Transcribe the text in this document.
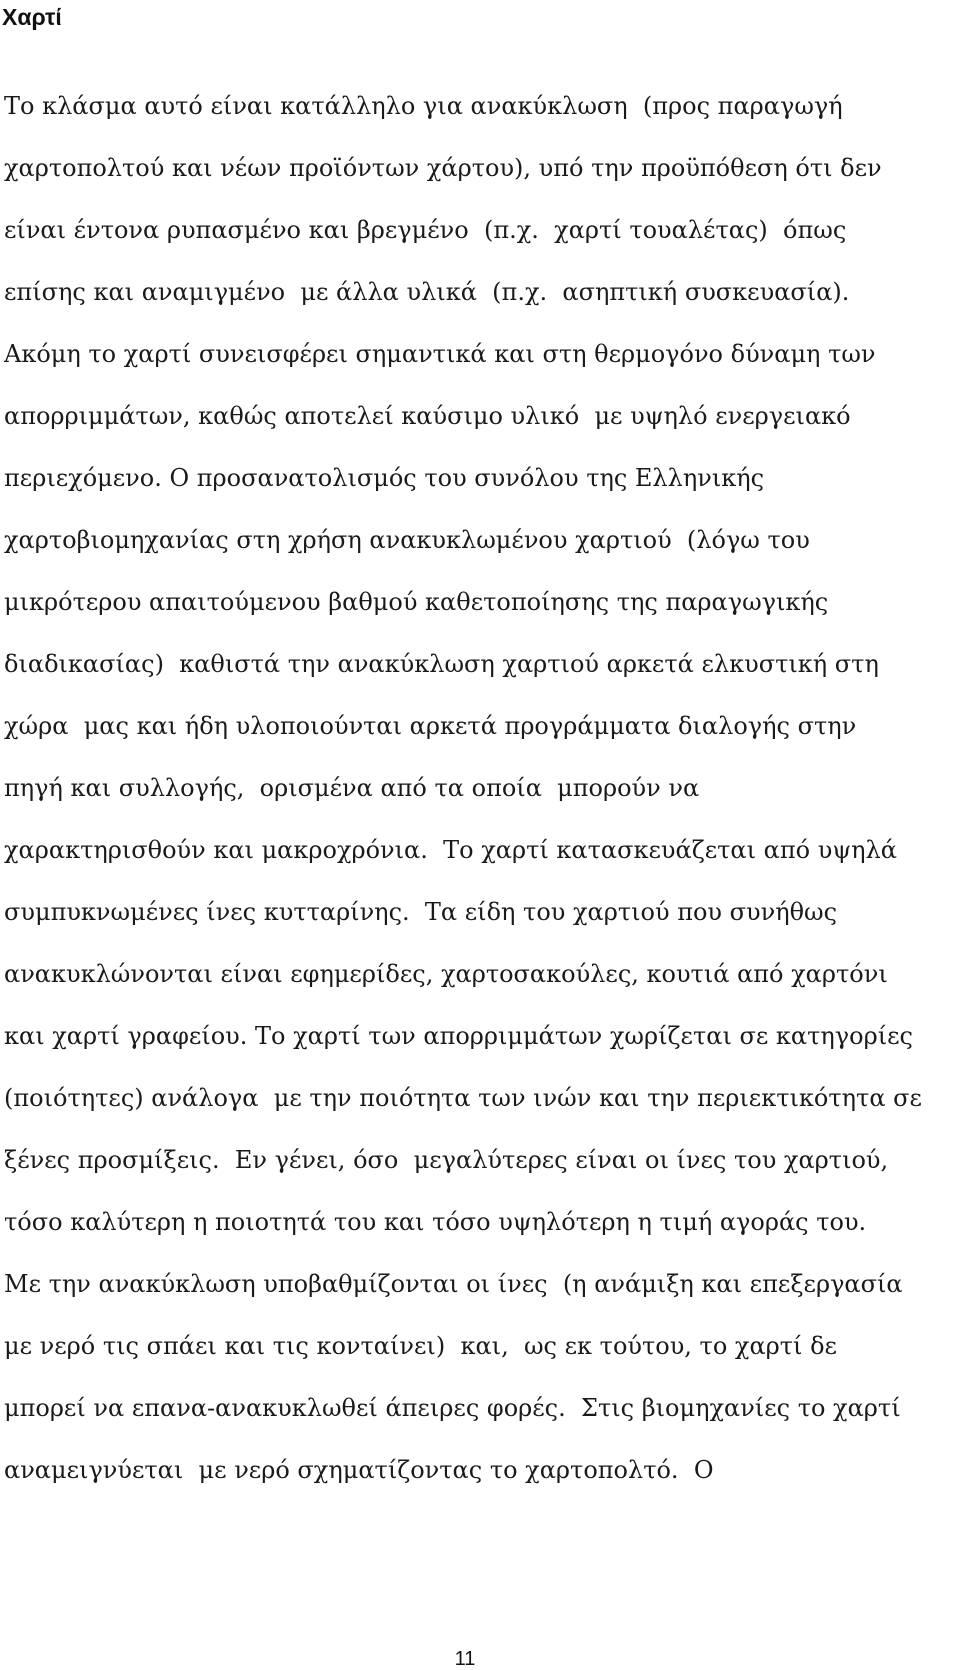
Χαρτί
Το κλάσμα αυτό είναι κατάλληλο για ανακύκλωση  (προς παραγωγή
χαρτοπολτού και νέων προϊόντων χάρτου), υπό την προϋπόθεση ότι δεν
είναι έντονα ρυπασμένο και βρεγμένο  (π.χ.  χαρτί τουαλέτας)  όπως
επίσης και αναμιγμένο  με άλλα υλικά  (π.χ.  ασηπτική συσκευασία).
Ακόμη το χαρτί συνεισφέρει σημαντικά και στη θερμογόνο δύναμη των
απορριμμάτων, καθώς αποτελεί καύσιμο υλικό  με υψηλό ενεργειακό
περιεχόμενο. Ο προσανατολισμός του συνόλου της Ελληνικής
χαρτοβιομηχανίας στη χρήση ανακυκλωμένου χαρτιού  (λόγω του
μικρότερου απαιτούμενου βαθμού καθετοποίησης της παραγωγικής
διαδικασίας)  καθιστά την ανακύκλωση χαρτιού αρκετά ελκυστική στη
χώρα  μας και ήδη υλοποιούνται αρκετά προγράμματα διαλογής στην
πηγή και συλλογής,  ορισμένα από τα οποία  μπορούν να
χαρακτηρισθούν και μακροχρόνια.  Το χαρτί κατασκευάζεται από υψηλά
συμπυκνωμένες ίνες κυτταρίνης.  Τα είδη του χαρτιού που συνήθως
ανακυκλώνονται είναι εφημερίδες, χαρτοσακούλες, κουτιά από χαρτόνι
και χαρτί γραφείου. Το χαρτί των απορριμμάτων χωρίζεται σε κατηγορίες
(ποιότητες) ανάλογα  με την ποιότητα των ινών και την περιεκτικότητα σε
ξένες προσμίξεις.  Εν γένει, όσο  μεγαλύτερες είναι οι ίνες του χαρτιού,
τόσο καλύτερη η ποιοτητά του και τόσο υψηλότερη η τιμή αγοράς του.
Με την ανακύκλωση υποβαθμίζονται οι ίνες  (η ανάμιξη και επεξεργασία
με νερό τις σπάει και τις κονταίνει)  και,  ως εκ τούτου, το χαρτί δε
μπορεί να επανα-ανακυκλωθεί άπειρες φορές.  Στις βιομηχανίες το χαρτί
αναμειγνύεται  με νερό σχηματίζοντας το χαρτοπολτό.  Ο
11
